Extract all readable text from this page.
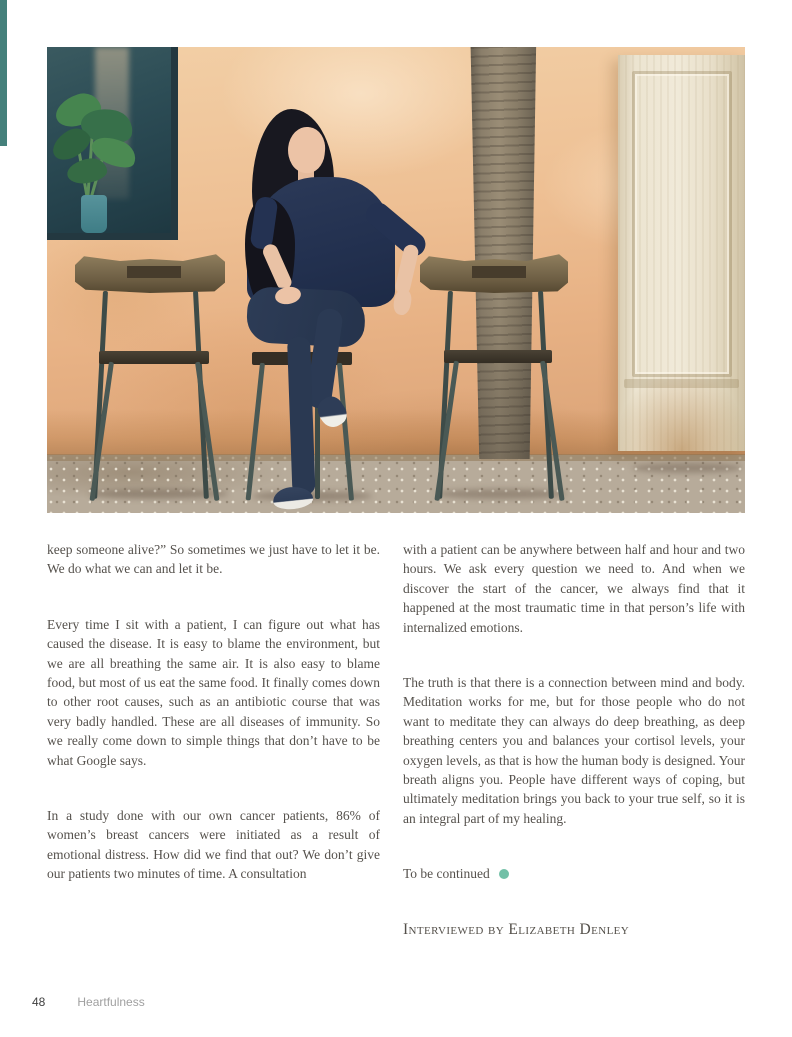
keep someone alive?” So sometimes we just have to let it be. We do what we can and let it be.

Every time I sit with a patient, I can figure out what has caused the disease. It is easy to blame the environment, but we are all breathing the same air. It is also easy to blame food, but most of us eat the same food. It finally comes down to other root causes, such as an antibiotic course that was very badly handled. These are all diseases of immunity. So we really come down to simple things that don’t have to be what Google says.

In a study done with our own cancer patients, 86% of women’s breast cancers were initiated as a result of emotional distress. How did we find that out? We don’t give our patients two minutes of time. A consultation

with a patient can be anywhere between half and hour and two hours. We ask every question we need to. And when we discover the start of the cancer, we always find that it happened at the most traumatic time in that person’s life with internalized emotions.

The truth is that there is a connection between mind and body. Meditation works for me, but for those people who do not want to meditate they can always do deep breathing, as deep breathing centers you and balances your cortisol levels, your oxygen levels, as that is how the human body is designed. Your breath aligns you. People have different ways of coping, but ultimately meditation brings you back to your true self, so it is an integral part of my healing.

To be continued

Interviewed by Elizabeth Denley

48	Heartfulness
